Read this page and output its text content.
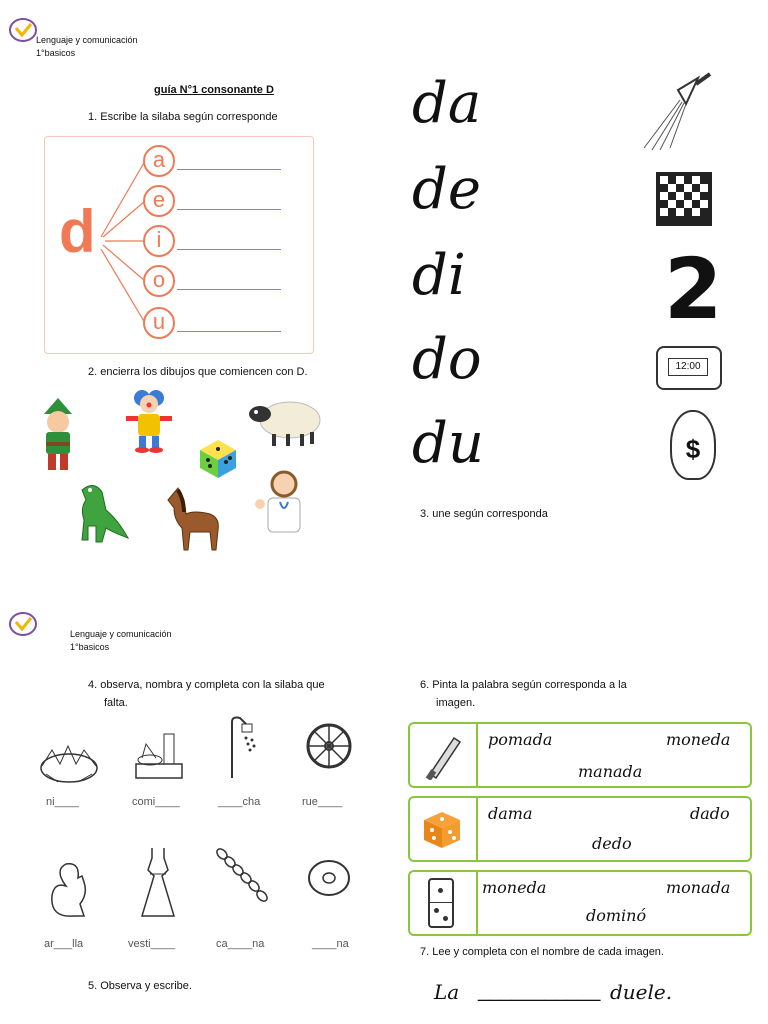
Lenguaje y comunicación
1°basicos
guía N°1 consonante D
1. Escribe la silaba según corresponde
d
a
e
i
o
u
2. encierra los dibujos que comiencen con D.
da
de
di
do
du
2
12:00
$
3. une según corresponda
Lenguaje y comunicación
1°basicos
4. observa, nombra y completa con la silaba que
falta.
ni____	comi____	____cha	rue____
ar___lla	vesti____	ca____na	____na
5. Observa y escribe.
6. Pinta la palabra según corresponda a la
imagen.
pomada	moneda
manada
dama	dado
dedo
moneda	monada
dominó
7. Lee y completa con el nombre de cada imagen.
La ___________ duele.
